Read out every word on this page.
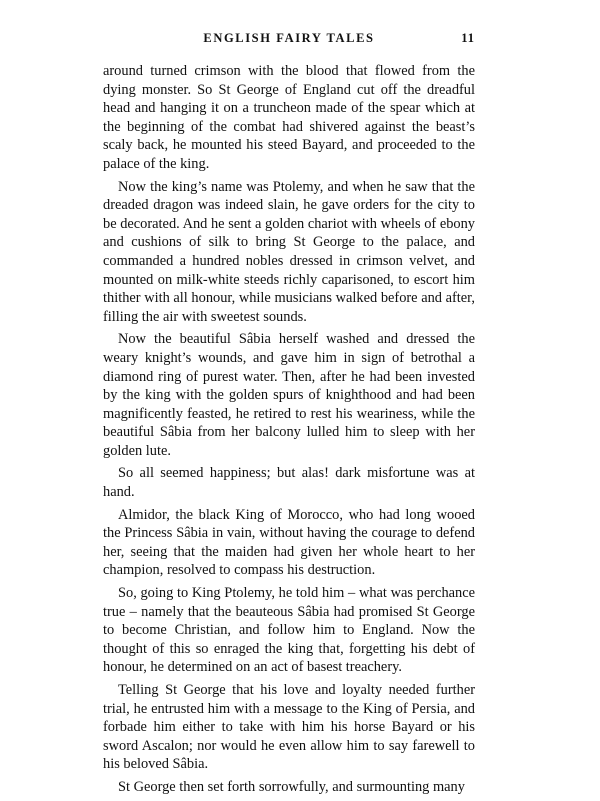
ENGLISH FAIRY TALES	11

around turned crimson with the blood that flowed from the dying monster. So St George of England cut off the dreadful head and hanging it on a truncheon made of the spear which at the beginning of the combat had shivered against the beast’s scaly back, he mounted his steed Bayard, and proceeded to the palace of the king.

Now the king’s name was Ptolemy, and when he saw that the dreaded dragon was indeed slain, he gave orders for the city to be decorated. And he sent a golden chariot with wheels of ebony and cushions of silk to bring St George to the palace, and commanded a hundred nobles dressed in crimson velvet, and mounted on milk-white steeds richly caparisoned, to escort him thither with all honour, while musicians walked before and after, filling the air with sweetest sounds.

Now the beautiful Sâbia herself washed and dressed the weary knight’s wounds, and gave him in sign of betrothal a diamond ring of purest water. Then, after he had been invested by the king with the golden spurs of knighthood and had been magnificently feasted, he retired to rest his weariness, while the beautiful Sâbia from her balcony lulled him to sleep with her golden lute.

So all seemed happiness; but alas! dark misfortune was at hand.

Almidor, the black King of Morocco, who had long wooed the Princess Sâbia in vain, without having the courage to defend her, seeing that the maiden had given her whole heart to her champion, resolved to compass his destruction.

So, going to King Ptolemy, he told him – what was perchance true – namely that the beauteous Sâbia had promised St George to become Christian, and follow him to England. Now the thought of this so enraged the king that, forgetting his debt of honour, he determined on an act of basest treachery.

Telling St George that his love and loyalty needed further trial, he entrusted him with a message to the King of Persia, and forbade him either to take with him his horse Bayard or his sword Ascalon; nor would he even allow him to say farewell to his beloved Sâbia.

St George then set forth sorrowfully, and surmounting many
